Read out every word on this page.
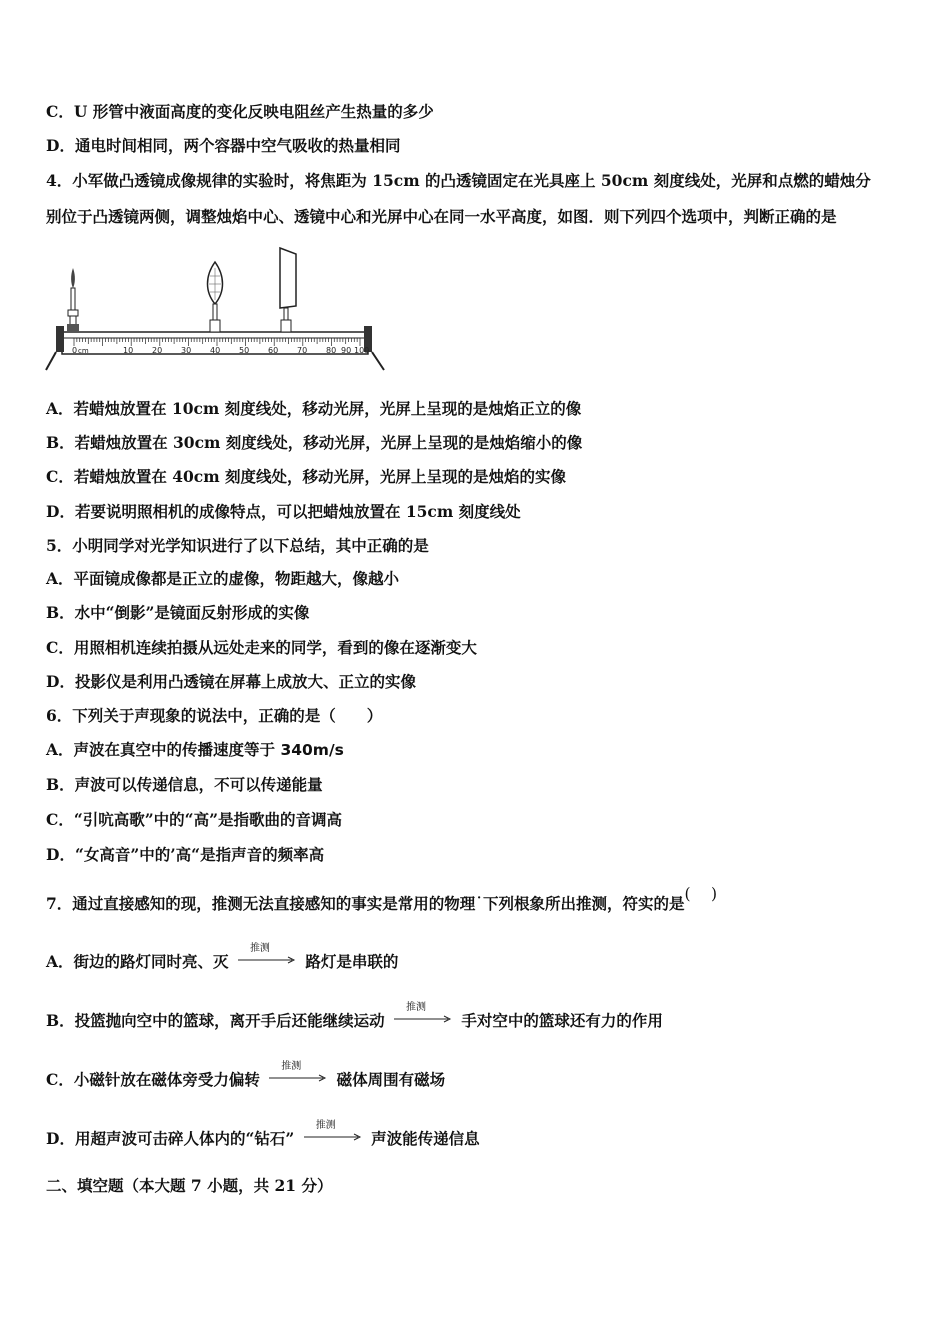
C．U 形管中液面高度的变化反映电阻丝产生热量的多少
D．通电时间相同，两个容器中空气吸收的热量相同
4．小军做凸透镜成像规律的实验时，将焦距为 15cm 的凸透镜固定在光具座上 50cm 刻度线处，光屏和点燃的蜡烛分
别位于凸透镜两侧，调整烛焰中心、透镜中心和光屏中心在同一水平高度，如图．则下列四个选项中，判断正确的是
0 cm	10 20 30 40 50 60 70 80 90 100
A．若蜡烛放置在 10cm 刻度线处，移动光屏，光屏上呈现的是烛焰正立的像
B．若蜡烛放置在 30cm 刻度线处，移动光屏，光屏上呈现的是烛焰缩小的像
C．若蜡烛放置在 40cm 刻度线处，移动光屏，光屏上呈现的是烛焰的实像
D．若要说明照相机的成像特点，可以把蜡烛放置在 15cm 刻度线处
5．小明同学对光学知识进行了以下总结，其中正确的是
A．平面镜成像都是正立的虚像，物距越大，像越小
B．水中“倒影”是镜面反射形成的实像
C．用照相机连续拍摄从远处走来的同学，看到的像在逐渐变大
D．投影仪是利用凸透镜在屏幕上成放大、正立的实像
6．下列关于声现象的说法中，正确的是（　　）
A．声波在真空中的传播速度等于 340m/s
B．声波可以传递信息，不可以传递能量
C．“引吭高歌”中的“高”是指歌曲的音调高
D．“女高音”中的’高“是指声音的频率高
7．通过直接感知的现，推测无法直接感知的事实是常用的物理˙下列根象所出推测，符实的是(　 )
A．街边的路灯同时亮、灭
推测
路灯是串联的
B．投篮抛向空中的篮球，离开手后还能继续运动
推测
手对空中的篮球还有力的作用
C．小磁针放在磁体旁受力偏转
推测
磁体周围有磁场
D．用超声波可击碎人体内的“钻石”
推测
声波能传递信息
二、填空题（本大题 7 小题，共 21 分）
